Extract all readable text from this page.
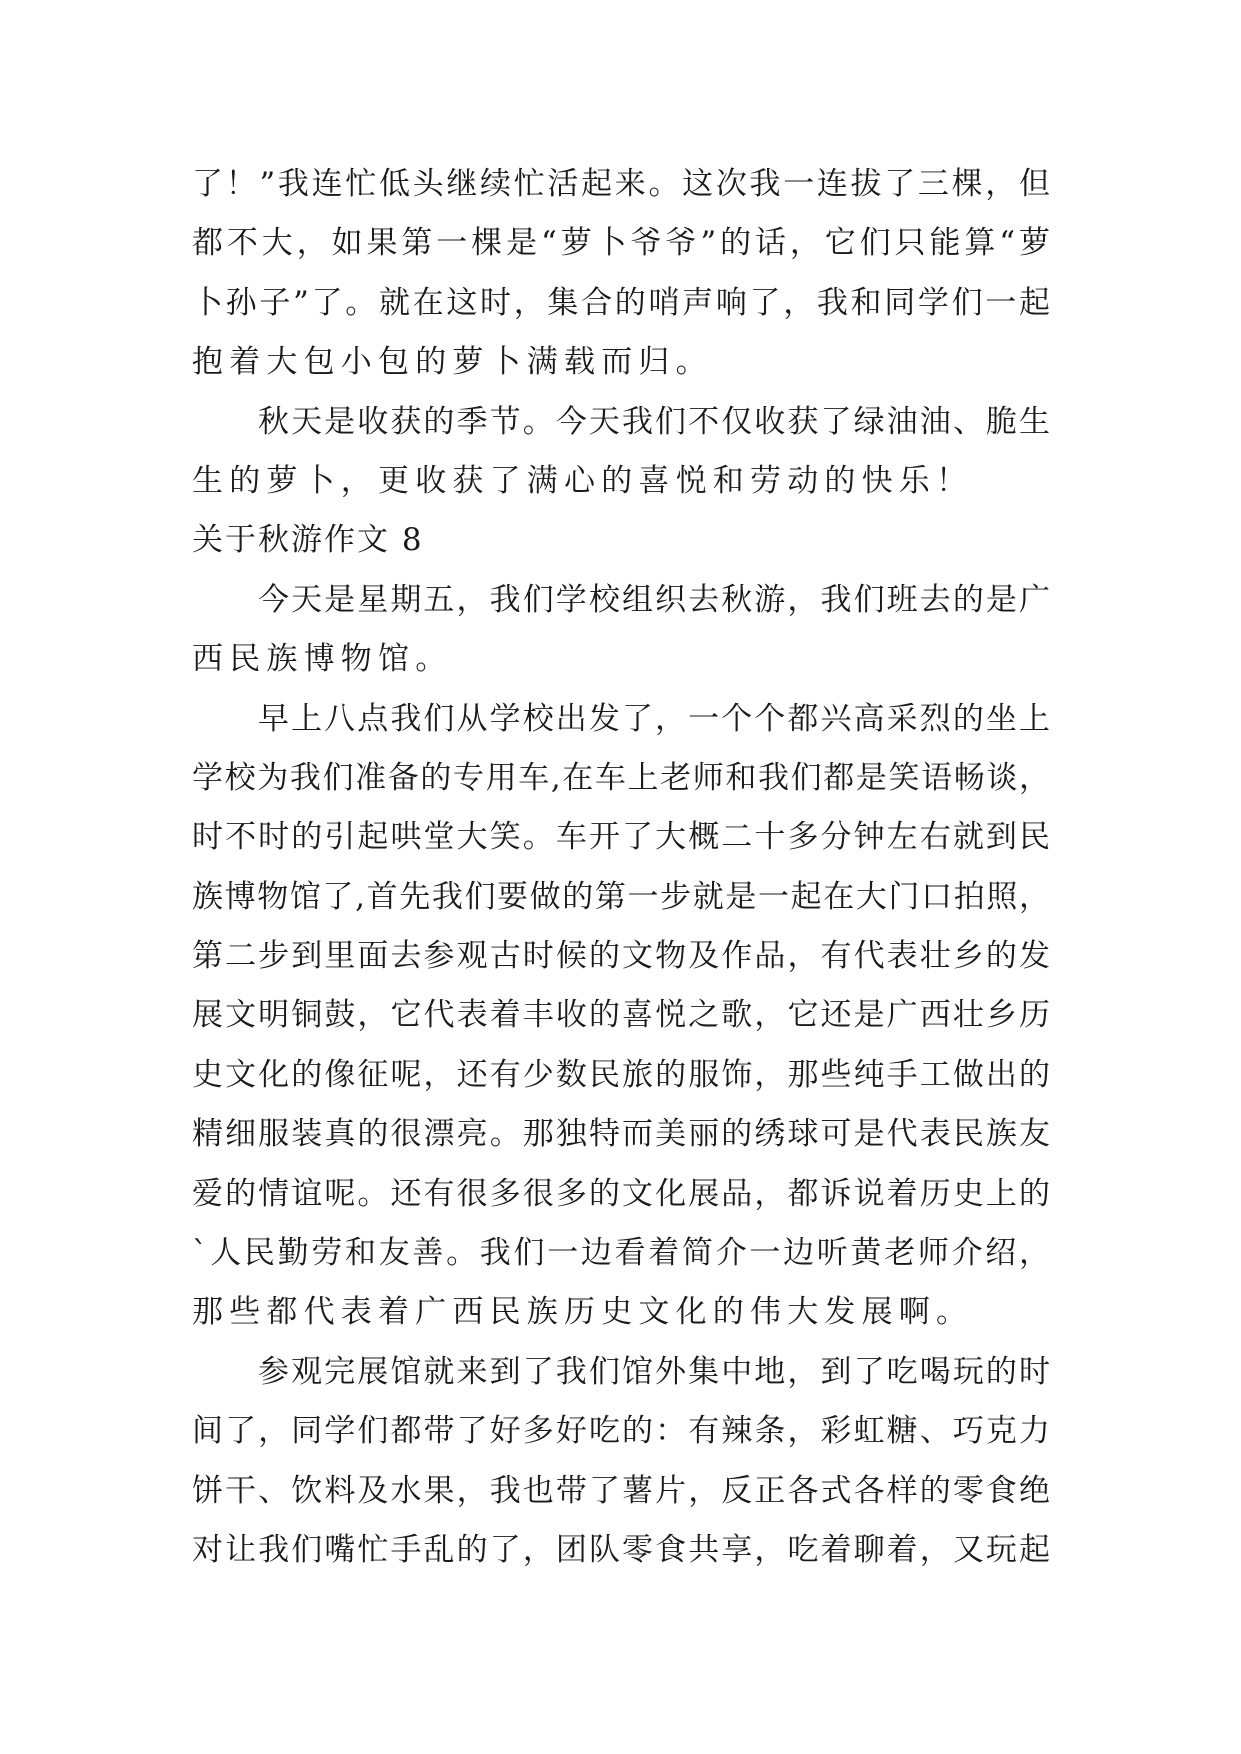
了！”我连忙低头继续忙活起来。这次我一连拔了三棵，但
都不大，如果第一棵是“萝卜爷爷”的话，它们只能算“萝
卜孙子”了。就在这时，集合的哨声响了，我和同学们一起
抱着大包小包的萝卜满载而归。
秋天是收获的季节。今天我们不仅收获了绿油油、脆生
生的萝卜，更收获了满心的喜悦和劳动的快乐！
关于秋游作文 8
今天是星期五，我们学校组织去秋游，我们班去的是广
西民族博物馆。
早上八点我们从学校出发了，一个个都兴高采烈的坐上
学校为我们准备的专用车,在车上老师和我们都是笑语畅谈，
时不时的引起哄堂大笑。车开了大概二十多分钟左右就到民
族博物馆了,首先我们要做的第一步就是一起在大门口拍照，
第二步到里面去参观古时候的文物及作品，有代表壮乡的发
展文明铜鼓，它代表着丰收的喜悦之歌，它还是广西壮乡历
史文化的像征呢，还有少数民旅的服饰，那些纯手工做出的
精细服装真的很漂亮。那独特而美丽的绣球可是代表民族友
爱的情谊呢。还有很多很多的文化展品，都诉说着历史上的
`人民勤劳和友善。我们一边看着简介一边听黄老师介绍，
那些都代表着广西民族历史文化的伟大发展啊。
参观完展馆就来到了我们馆外集中地，到了吃喝玩的时
间了，同学们都带了好多好吃的：有辣条，彩虹糖、巧克力
饼干、饮料及水果，我也带了薯片，反正各式各样的零食绝
对让我们嘴忙手乱的了，团队零食共享，吃着聊着，又玩起
